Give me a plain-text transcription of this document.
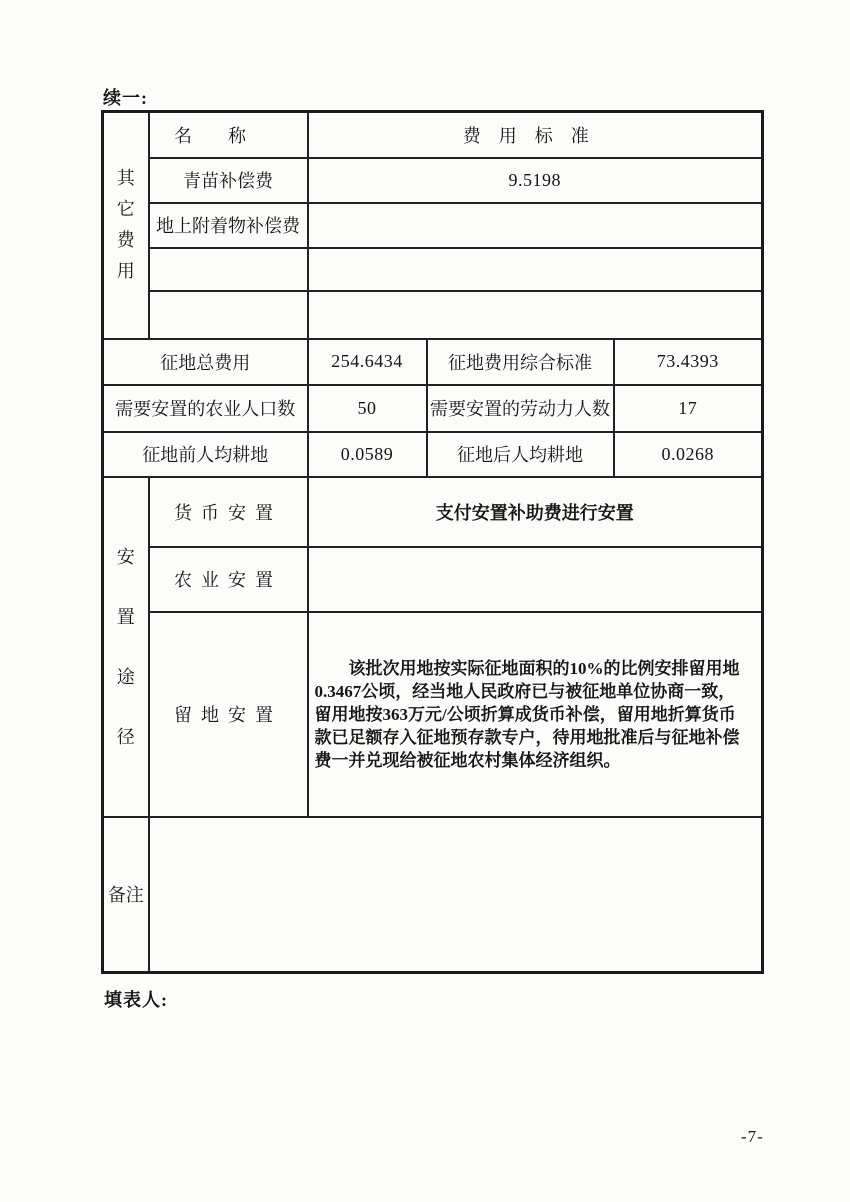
续一:
其它费用	名称	费用标准		
	青苗补偿费	9.5198		
	地上附着物补偿费			

征地总费用		254.6434	征地费用综合标准	73.4393
需要安置的农业人口数		50	需要安置的劳动力人数	17
征地前人均耕地		0.0589	征地后人均耕地	0.0268

安置途径	货币安置	支付安置补助费进行安置		
	农业安置			
	留地安置	该批次用地按实际征地面积的10%的比例安排留用地0.3467公顷，经当地人民政府已与被征地单位协商一致，留用地按363万元/公顷折算成货币补偿，留用地折算货币款已足额存入征地预存款专户，待用地批准后与征地补偿费一并兑现给被征地农村集体经济组织。		

备注				
填表人:
-7-
